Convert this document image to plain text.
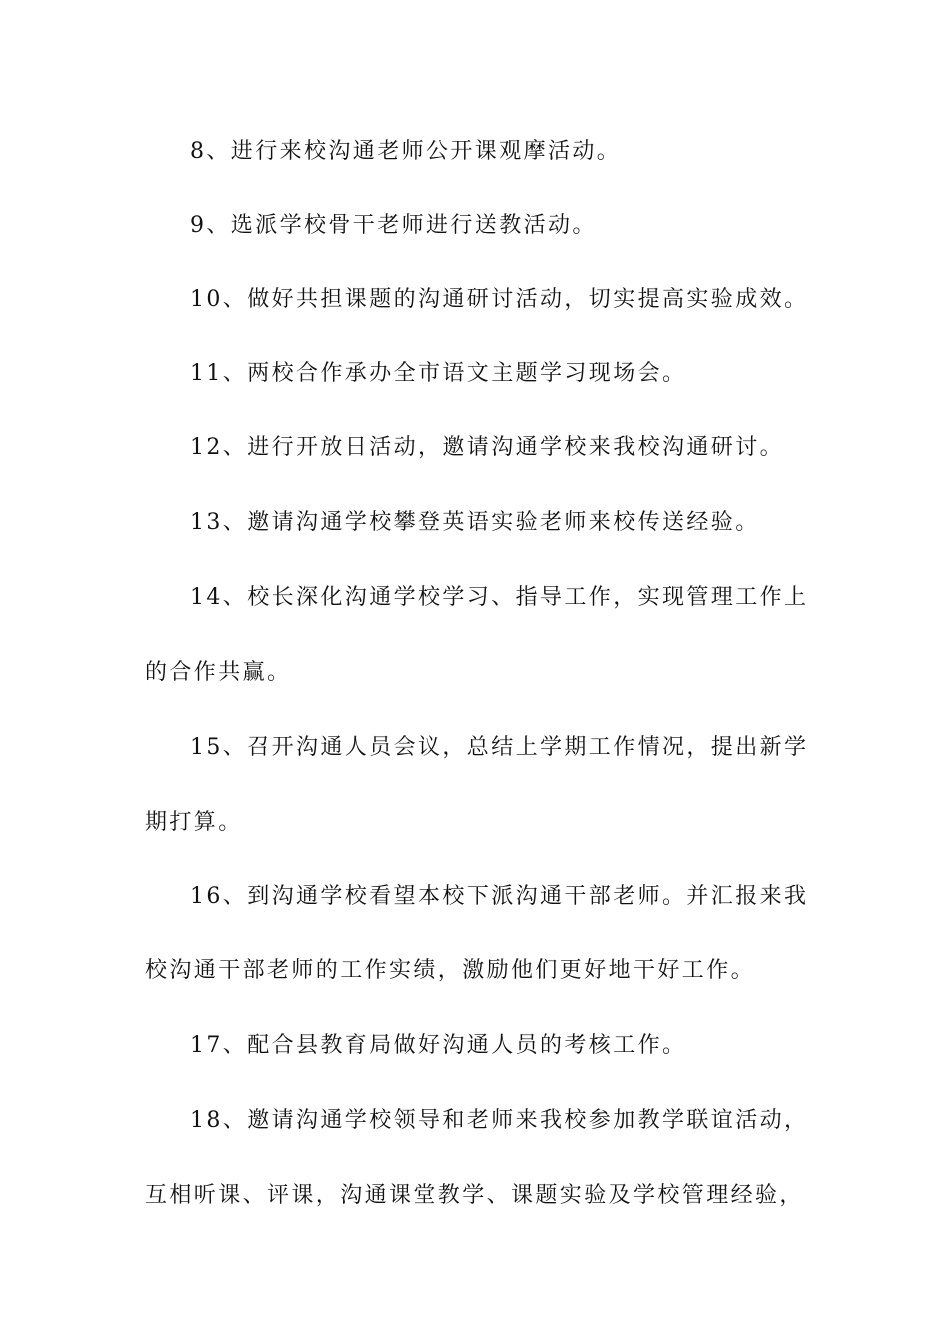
8、进行来校沟通老师公开课观摩活动。
9、选派学校骨干老师进行送教活动。
10、做好共担课题的沟通研讨活动，切实提高实验成效。
11、两校合作承办全市语文主题学习现场会。
12、进行开放日活动，邀请沟通学校来我校沟通研讨。
13、邀请沟通学校攀登英语实验老师来校传送经验。
14、校长深化沟通学校学习、指导工作，实现管理工作上
的合作共赢。
15、召开沟通人员会议，总结上学期工作情况，提出新学
期打算。
16、到沟通学校看望本校下派沟通干部老师。并汇报来我
校沟通干部老师的工作实绩，激励他们更好地干好工作。
17、配合县教育局做好沟通人员的考核工作。
18、邀请沟通学校领导和老师来我校参加教学联谊活动，
互相听课、评课，沟通课堂教学、课题实验及学校管理经验，
